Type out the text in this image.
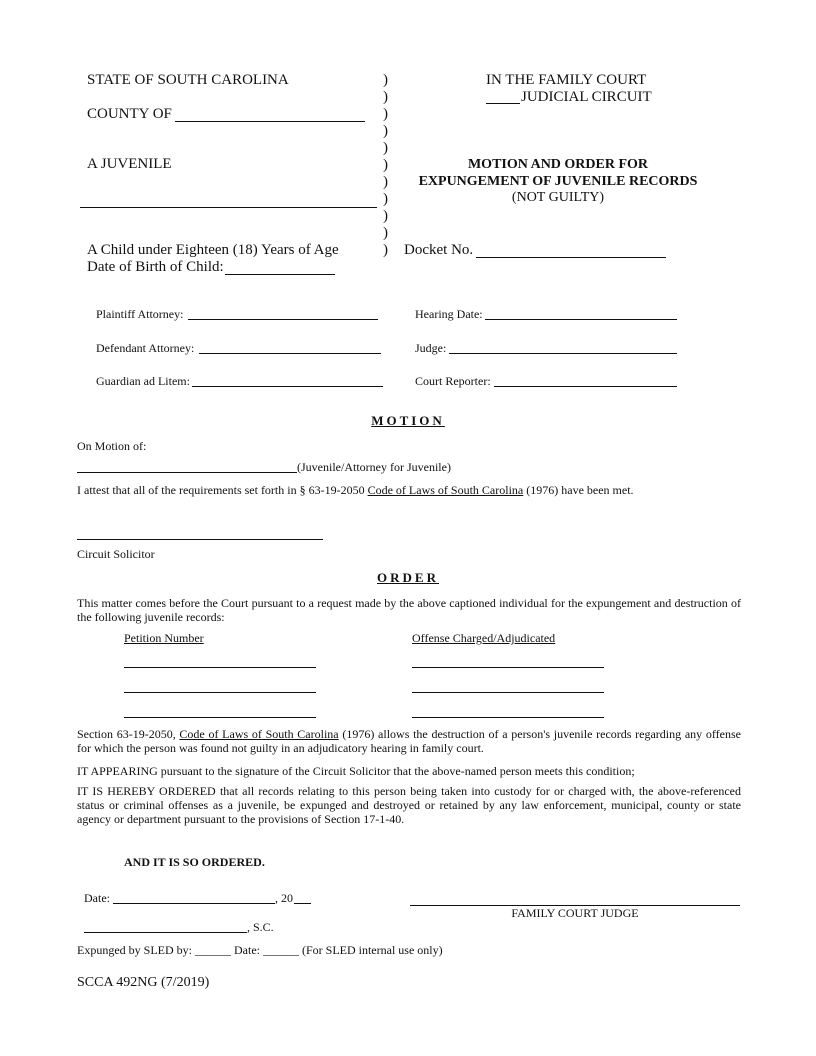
STATE OF SOUTH CAROLINA
COUNTY OF
A JUVENILE
A Child under Eighteen (18) Years of Age
Date of Birth of Child:
)
)
)
)
)
)
)
)
)
)
)
IN THE FAMILY COURT
JUDICIAL CIRCUIT
MOTION AND ORDER FOR
EXPUNGEMENT OF JUVENILE RECORDS
(NOT GUILTY)
Docket No.
Plaintiff Attorney:
Defendant Attorney:
Guardian ad Litem:
Hearing Date:
Judge:
Court Reporter:
MOTION
On Motion of:
(Juvenile/Attorney for Juvenile)
I attest that all of the requirements set forth in § 63-19-2050 Code of Laws of South Carolina (1976) have been met.
Circuit Solicitor
ORDER
This matter comes before the Court pursuant to a request made by the above captioned individual for the expungement and destruction of the following juvenile records:
Petition Number	Offense Charged/Adjudicated
Section 63-19-2050, Code of Laws of South Carolina (1976) allows the destruction of a person's juvenile records regarding any offense for which the person was found not guilty in an adjudicatory hearing in family court.
IT APPEARING pursuant to the signature of the Circuit Solicitor that the above-named person meets this condition;
IT IS HEREBY ORDERED that all records relating to this person being taken into custody for or charged with, the above-referenced status or criminal offenses as a juvenile, be expunged and destroyed or retained by any law enforcement, municipal, county or state agency or department pursuant to the provisions of Section 17-1-40.
AND IT IS SO ORDERED.
Date:	, 20
FAMILY COURT JUDGE
, S.C.
Expunged by SLED by: ______ Date: ______ (For SLED internal use only)
SCCA 492NG (7/2019)
